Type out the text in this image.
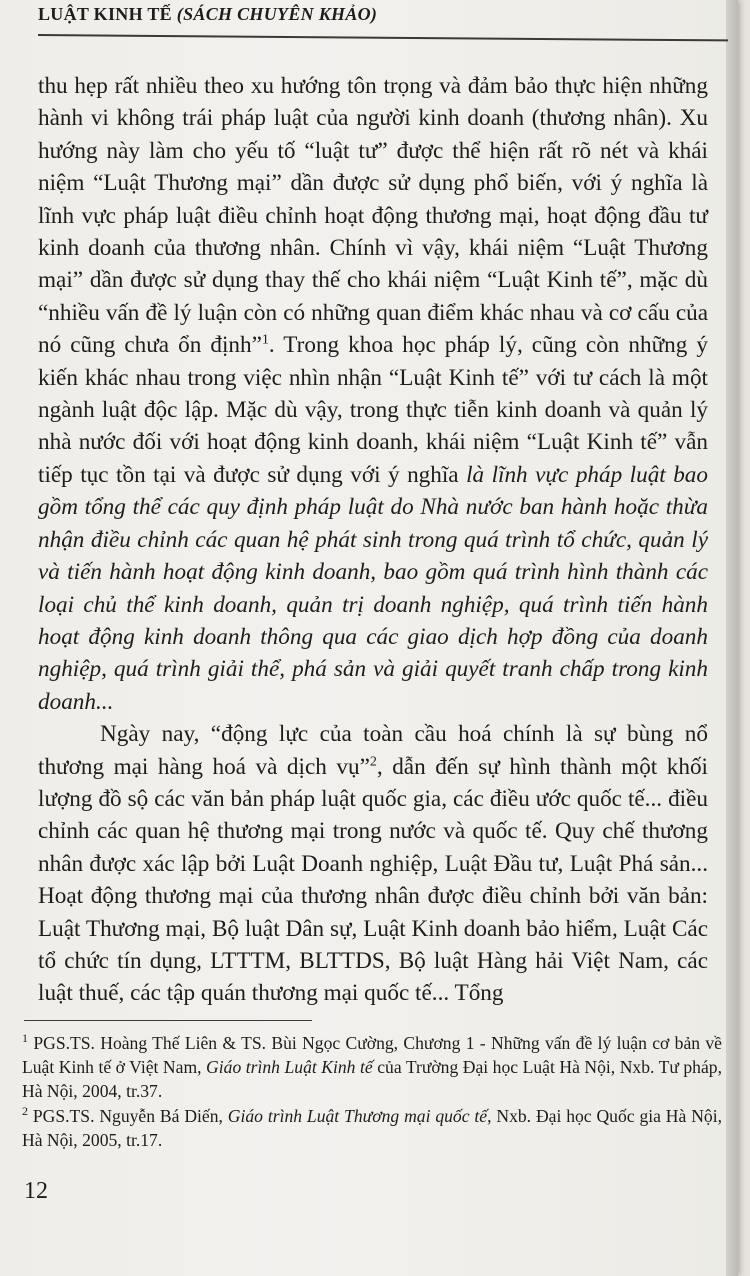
LUẬT KINH TẾ (SÁCH CHUYÊN KHẢO)

thu hẹp rất nhiều theo xu hướng tôn trọng và đảm bảo thực hiện những hành vi không trái pháp luật của người kinh doanh (thương nhân). Xu hướng này làm cho yếu tố “luật tư” được thể hiện rất rõ nét và khái niệm “Luật Thương mại” dần được sử dụng phổ biến, với ý nghĩa là lĩnh vực pháp luật điều chỉnh hoạt động thương mại, hoạt động đầu tư kinh doanh của thương nhân. Chính vì vậy, khái niệm “Luật Thương mại” dần được sử dụng thay thế cho khái niệm “Luật Kinh tế”, mặc dù “nhiều vấn đề lý luận còn có những quan điểm khác nhau và cơ cấu của nó cũng chưa ổn định”$^1$. Trong khoa học pháp lý, cũng còn những ý kiến khác nhau trong việc nhìn nhận “Luật Kinh tế” với tư cách là một ngành luật độc lập. Mặc dù vậy, trong thực tiễn kinh doanh và quản lý nhà nước đối với hoạt động kinh doanh, khái niệm “Luật Kinh tế” vẫn tiếp tục tồn tại và được sử dụng với ý nghĩa là lĩnh vực pháp luật bao gồm tổng thể các quy định pháp luật do Nhà nước ban hành hoặc thừa nhận điều chỉnh các quan hệ phát sinh trong quá trình tổ chức, quản lý và tiến hành hoạt động kinh doanh, bao gồm quá trình hình thành các loại chủ thể kinh doanh, quản trị doanh nghiệp, quá trình tiến hành hoạt động kinh doanh thông qua các giao dịch hợp đồng của doanh nghiệp, quá trình giải thể, phá sản và giải quyết tranh chấp trong kinh doanh...

Ngày nay, “động lực của toàn cầu hoá chính là sự bùng nổ thương mại hàng hoá và dịch vụ”$^2$, dẫn đến sự hình thành một khối lượng đồ sộ các văn bản pháp luật quốc gia, các điều ước quốc tế... điều chỉnh các quan hệ thương mại trong nước và quốc tế. Quy chế thương nhân được xác lập bởi Luật Doanh nghiệp, Luật Đầu tư, Luật Phá sản... Hoạt động thương mại của thương nhân được điều chỉnh bởi văn bản: Luật Thương mại, Bộ luật Dân sự, Luật Kinh doanh bảo hiểm, Luật Các tổ chức tín dụng, LTTTM, BLTTDS, Bộ luật Hàng hải Việt Nam, các luật thuế, các tập quán thương mại quốc tế... Tổng

$^1$ PGS.TS. Hoàng Thế Liên & TS. Bùi Ngọc Cường, Chương 1 - Những vấn đề lý luận cơ bản về Luật Kinh tế ở Việt Nam, Giáo trình Luật Kinh tế của Trường Đại học Luật Hà Nội, Nxb. Tư pháp, Hà Nội, 2004, tr.37.

$^2$ PGS.TS. Nguyễn Bá Diến, Giáo trình Luật Thương mại quốc tế, Nxb. Đại học Quốc gia Hà Nội, Hà Nội, 2005, tr.17.

12
